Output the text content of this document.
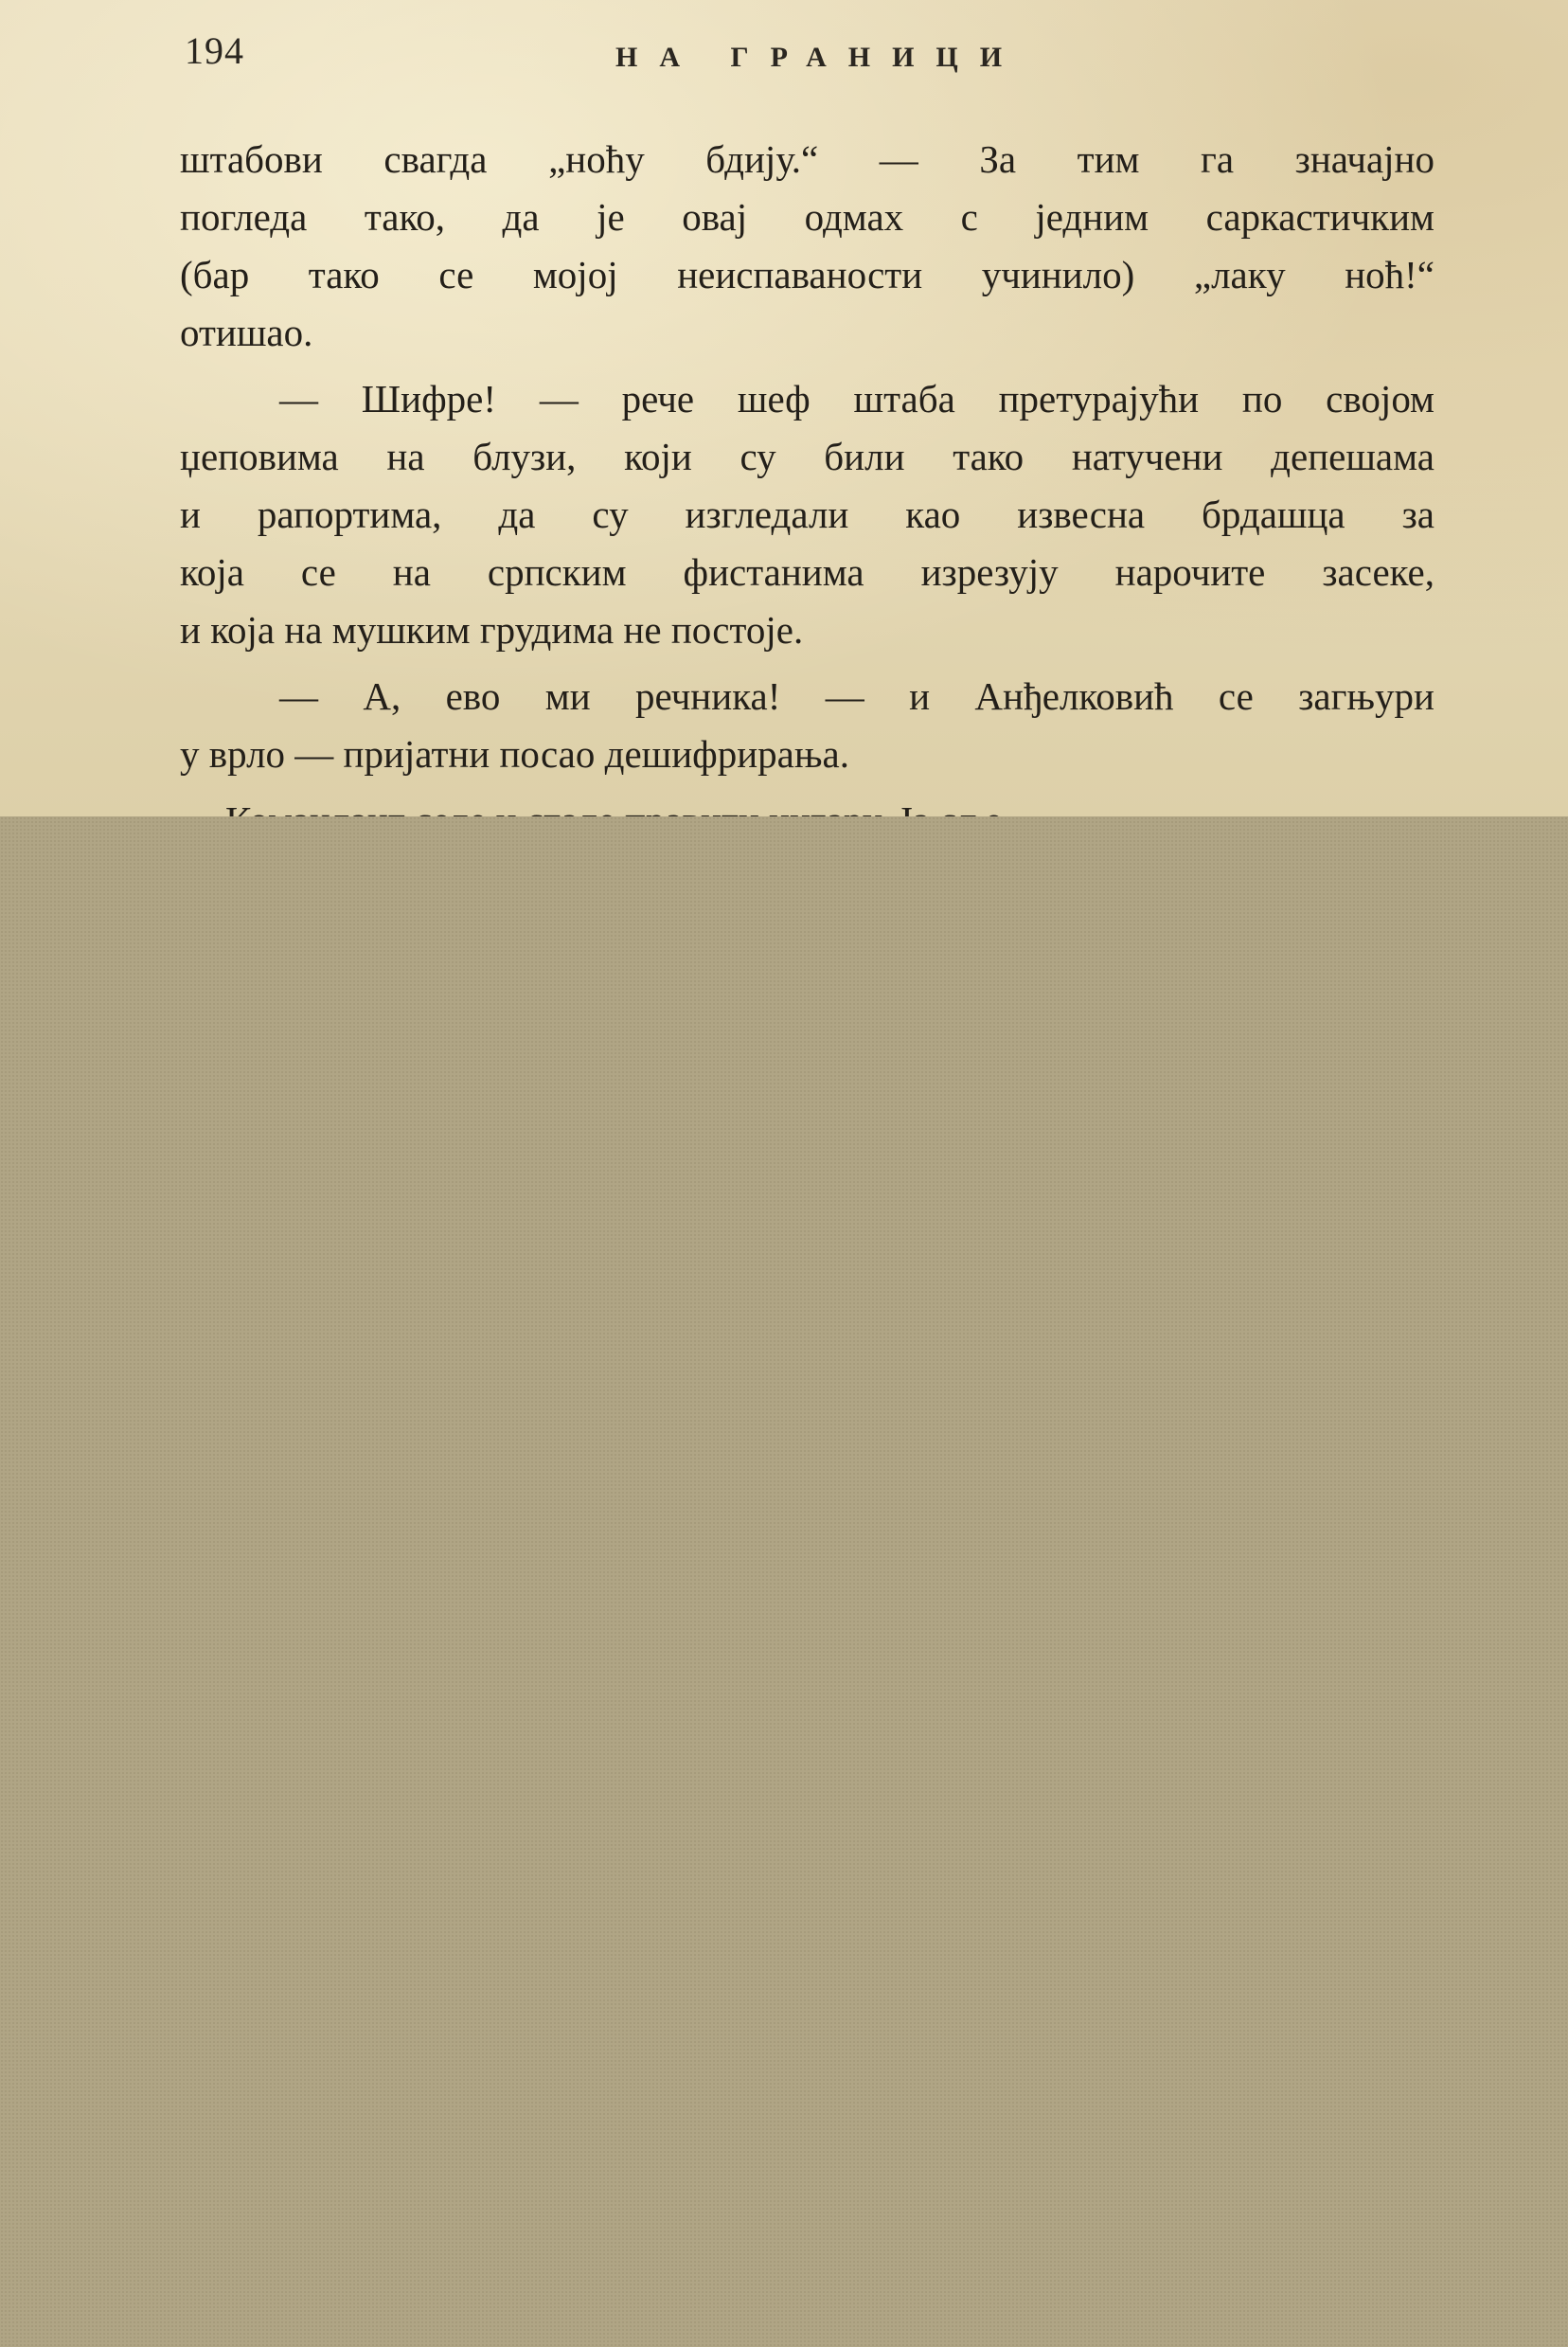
194	НА ГРАНИЦИ
штабови свагда „ноћу бдију.“ — За тим га значајно
погледа тако, да је овај одмах с једним саркастичким
(бар тако се мојој неиспаваности учинило) „лаку ноћ!“
отишао.
— Шифре! — рече шеф штаба претурајући по својом
џеповима на блузи, који су били тако натучени депешама
и рапортима, да су изгледали као извесна брдашца за
која се на српским фистанима изрезују нарочите засеке,
и која на мушким грудима не постоје.
— А, ево ми речника! — и Анђелковић се загњури
у врло — пријатни посао дешифрирања.
